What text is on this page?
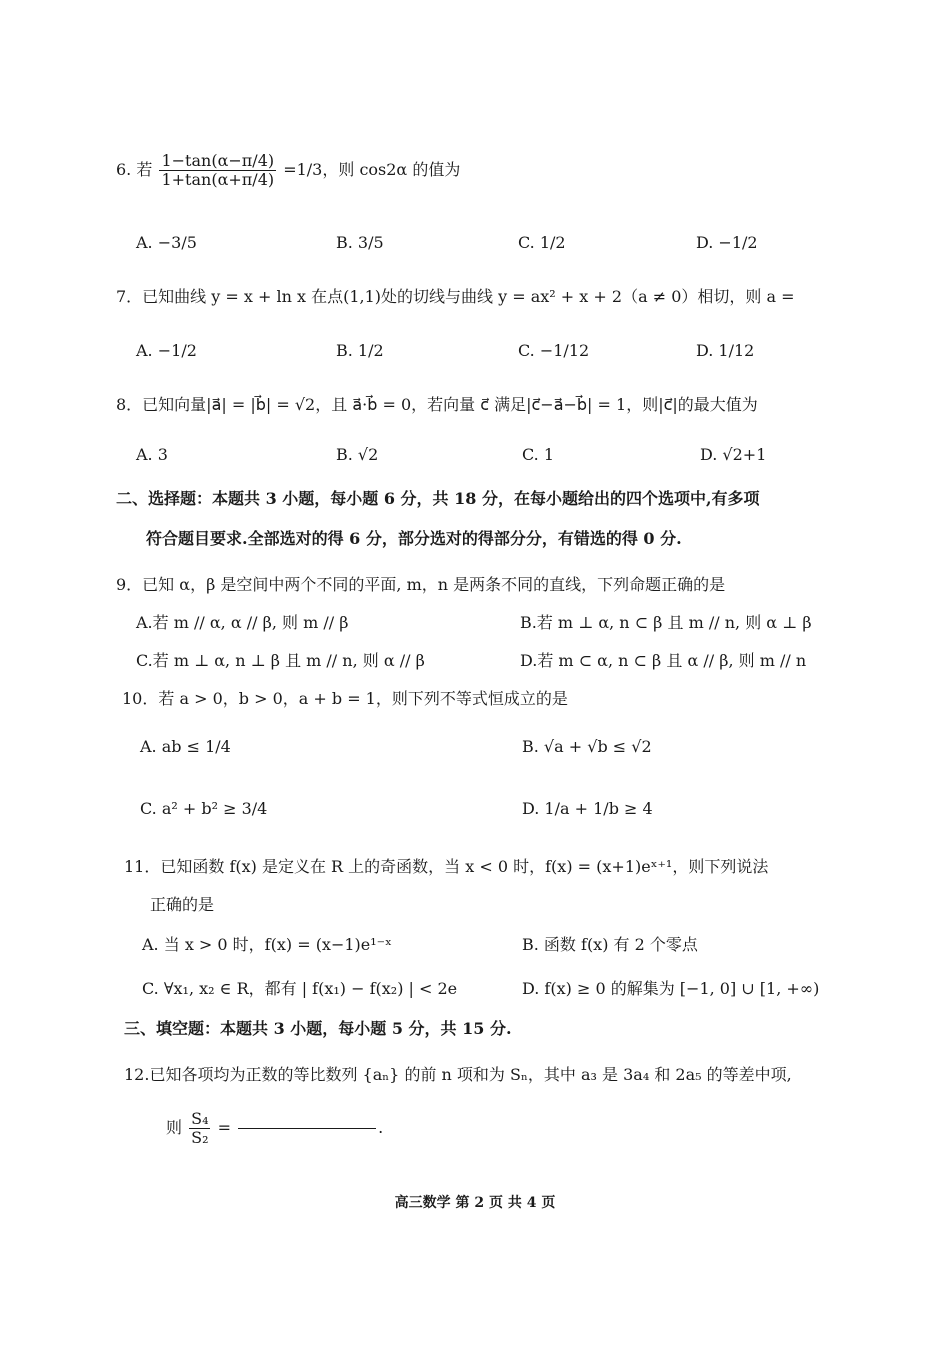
6. 若 $\frac{1-\tan(\alpha-\pi/4)}{1+\tan(\alpha+\pi/4)} =1/3$，则 cos2α 的值为
A. −3/5	B. 3/5	C. 1/2	D. −1/2
7．已知曲线 y = x + ln x 在点(1,1)处的切线与曲线 y = ax² + x + 2（a ≠ 0）相切，则 a =
A. −1/2	B. 1/2	C. −1/12	D. 1/12
8．已知向量|a⃗| = |b⃗| = √2，且 a⃗·b⃗ = 0，若向量 c⃗ 满足|c⃗−a⃗−b⃗| = 1，则|c⃗|的最大值为
A. 3	B. √2	C. 1	D. √2+1
二、选择题：本题共 3 小题，每小题 6 分，共 18 分，在每小题给出的四个选项中,有多项
符合题目要求.全部选对的得 6 分，部分选对的得部分分，有错选的得 0 分.
9．已知 α，β 是空间中两个不同的平面, m，n 是两条不同的直线，下列命题正确的是
A.若 m // α, α // β, 则 m // β	B.若 m ⊥ α, n ⊂ β 且 m // n, 则 α ⊥ β
C.若 m ⊥ α, n ⊥ β 且 m // n, 则 α // β	D.若 m ⊂ α, n ⊂ β 且 α // β, 则 m // n
10．若 a > 0，b > 0，a + b = 1，则下列不等式恒成立的是
A. ab ≤ 1/4	B. √a + √b ≤ √2
C. a² + b² ≥ 3/4	D. 1/a + 1/b ≥ 4
11．已知函数 f(x) 是定义在 R 上的奇函数，当 x < 0 时，f(x) = (x+1)eˣ⁺¹，则下列说法
正确的是
A. 当 x > 0 时，f(x) = (x−1)e¹⁻ˣ	B. 函数 f(x) 有 2 个零点
C. ∀x₁, x₂ ∈ R，都有 | f(x₁) − f(x₂) | < 2e	D. f(x) ≥ 0 的解集为 [−1, 0] ∪ [1, +∞)
三、填空题：本题共 3 小题，每小题 5 分，共 15 分.
12.已知各项均为正数的等比数列 {aₙ} 的前 n 项和为 Sₙ，其中 a₃ 是 3a₄ 和 2a₅ 的等差中项,
则 $\frac{\text{S₄}}{\text{S₂}}$ =	.
高三数学 第 2 页 共 4 页
